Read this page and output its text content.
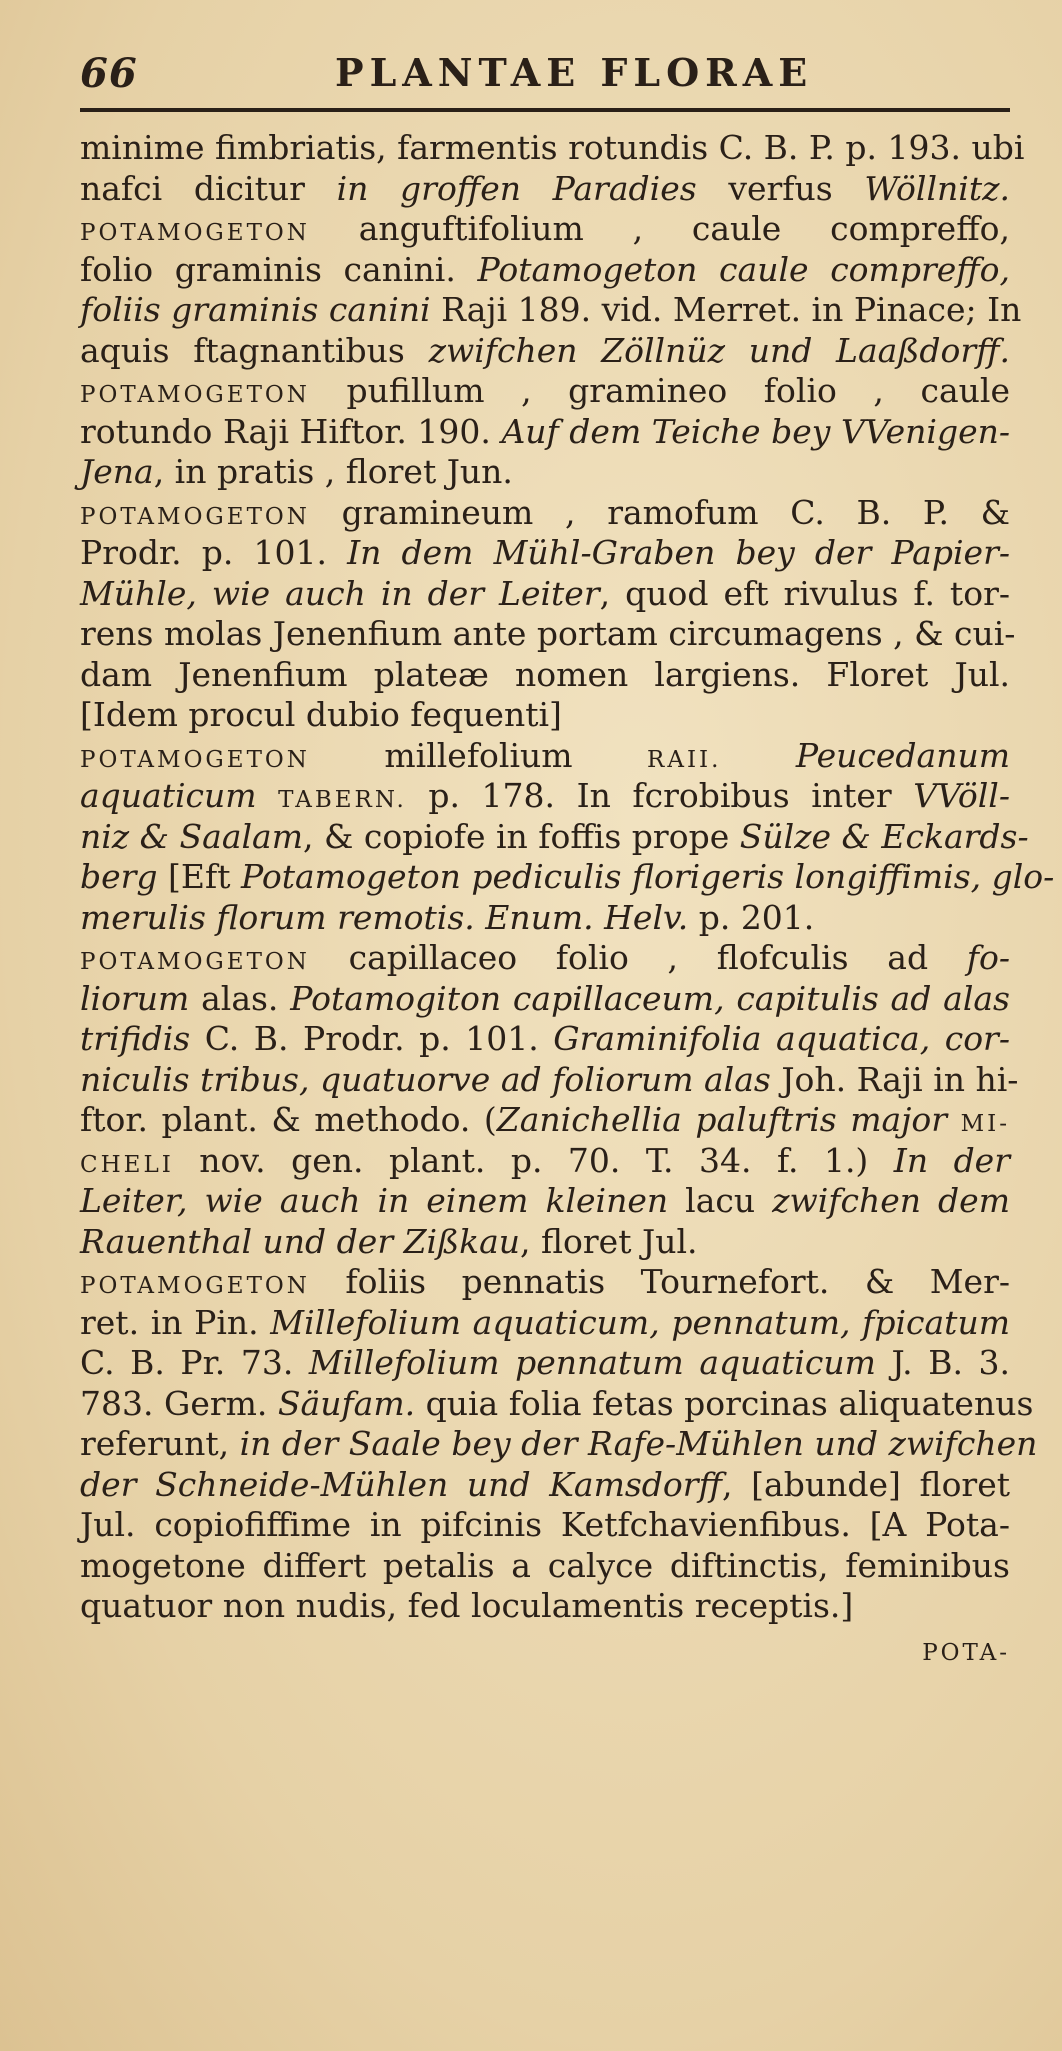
66	PLANTAE FLORAE
minime fimbriatis, farmentis rotundis C. B. P. p. 193. ubi
nafci dicitur in groffen Paradies verfus Wöllnitz.
POTAMOGETON anguftifolium , caule compreffo,
folio graminis canini. Potamogeton caule compreffo,
foliis graminis canini Raji 189. vid. Merret. in Pinace; In
aquis ftagnantibus zwifchen Zöllnüz und Laaßdorff.
POTAMOGETON pufillum , gramineo folio , caule
rotundo Raji Hiftor. 190. Auf dem Teiche bey VVenigen-
Jena, in pratis , floret Jun.
POTAMOGETON gramineum , ramofum C. B. P. &
Prodr. p. 101. In dem Mühl-Graben bey der Papier-
Mühle, wie auch in der Leiter, quod eft rivulus f. tor-
rens molas Jenenfium ante portam circumagens , & cui-
dam Jenenfium plateæ nomen largiens. Floret Jul.
[Idem procul dubio fequenti]
POTAMOGETON millefolium RAII. Peucedanum
aquaticum TABERN. p. 178. In fcrobibus inter VVöll-
niz & Saalam, & copiofe in foffis prope Sülze & Eckards-
berg [Eft Potamogeton pediculis florigeris longiffimis, glo-
merulis florum remotis. Enum. Helv. p. 201.
POTAMOGETON capillaceo folio , flofculis ad fo-
liorum alas. Potamogiton capillaceum, capitulis ad alas
trifidis C. B. Prodr. p. 101. Graminifolia aquatica, cor-
niculis tribus, quatuorve ad foliorum alas Joh. Raji in hi-
ftor. plant. & methodo. (Zanichellia paluftris major MI-
CHELI nov. gen. plant. p. 70. T. 34. f. 1.) In der
Leiter, wie auch in einem kleinen lacu zwifchen dem
Rauenthal und der Zißkau, floret Jul.
POTAMOGETON foliis pennatis Tournefort. & Mer-
ret. in Pin. Millefolium aquaticum, pennatum, fpicatum
C. B. Pr. 73. Millefolium pennatum aquaticum J. B. 3.
783. Germ. Säufam. quia folia fetas porcinas aliquatenus
referunt, in der Saale bey der Rafe-Mühlen und zwifchen
der Schneide-Mühlen und Kamsdorff, [abunde] floret
Jul. copiofiffime in pifcinis Ketfchavienfibus. [A Pota-
mogetone differt petalis a calyce diftinctis, feminibus
quatuor non nudis, fed loculamentis receptis.]
POTA-
